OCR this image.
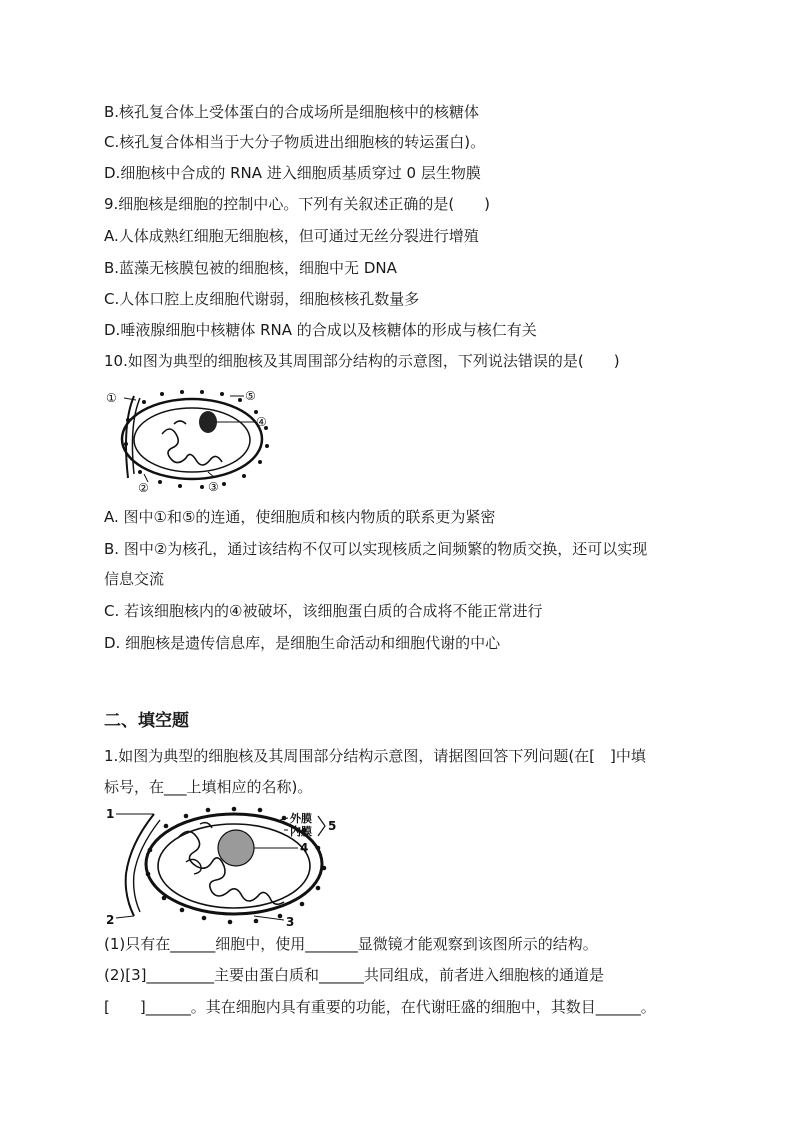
B.核孔复合体上受体蛋白的合成场所是细胞核中的核糖体
C.核孔复合体相当于大分子物质进出细胞核的转运蛋白)。
D.细胞核中合成的 RNA 进入细胞质基质穿过 0 层生物膜
9.细胞核是细胞的控制中心。下列有关叙述正确的是(　　)
A.人体成熟红细胞无细胞核，但可通过无丝分裂进行增殖
B.蓝藻无核膜包被的细胞核，细胞中无 DNA
C.人体口腔上皮细胞代谢弱，细胞核核孔数量多
D.唾液腺细胞中核糖体 RNA 的合成以及核糖体的形成与核仁有关
10.如图为典型的细胞核及其周围部分结构的示意图，下列说法错误的是(　　)
①
②	③
④
⑤
A. 图中①和⑤的连通，使细胞质和核内物质的联系更为紧密
B. 图中②为核孔，通过该结构不仅可以实现核质之间频繁的物质交换，还可以实现
信息交流
C. 若该细胞核内的④被破坏，该细胞蛋白质的合成将不能正常进行
D. 细胞核是遗传信息库，是细胞生命活动和细胞代谢的中心
二、填空题
1.如图为典型的细胞核及其周围部分结构示意图，请据图回答下列问题(在[　]中填
标号，在___上填相应的名称)。
1
2	3
4
外膜
内膜 5
(1)只有在______细胞中，使用_______显微镜才能观察到该图所示的结构。
(2)[3]_________主要由蛋白质和______共同组成，前者进入细胞核的通道是
[　　]______。其在细胞内具有重要的功能，在代谢旺盛的细胞中，其数目______。
